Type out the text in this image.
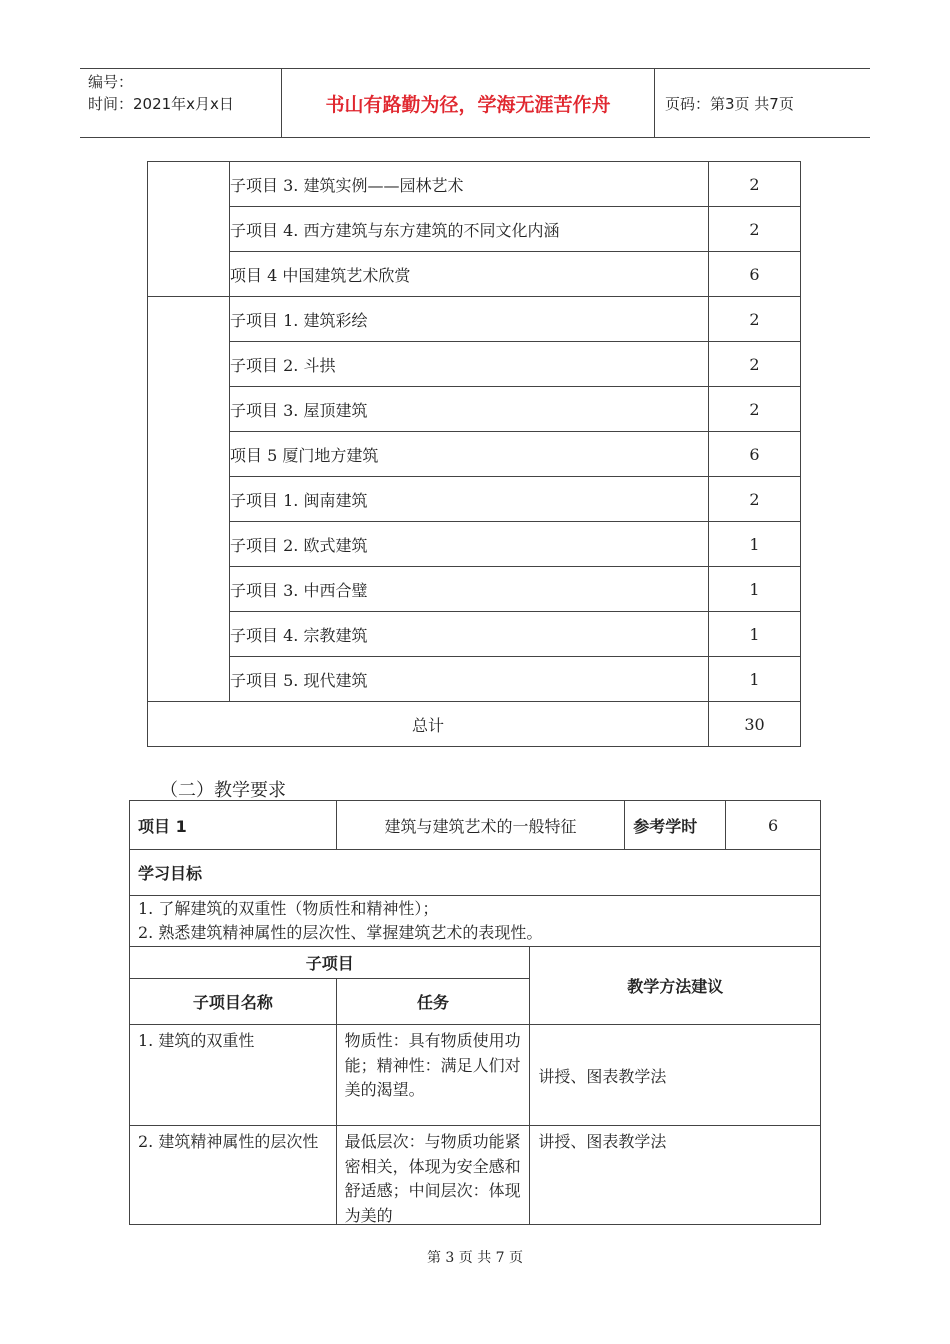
编号：
时间：2021年x月x日	书山有路勤为径，学海无涯苦作舟	页码：第3页 共7页
	子项目 3. 建筑实例——园林艺术	2
	子项目 4. 西方建筑与东方建筑的不同文化内涵	2
	项目 4 中国建筑艺术欣赏	6
	子项目 1. 建筑彩绘	2
	子项目 2. 斗拱	2
	子项目 3. 屋顶建筑	2
	项目 5 厦门地方建筑	6
	子项目 1. 闽南建筑	2
	子项目 2. 欧式建筑	1
	子项目 3. 中西合璧	1
	子项目 4. 宗教建筑	1
	子项目 5. 现代建筑	1
总计		30
（二）教学要求
项目 1	建筑与建筑艺术的一般特征		参考学时	6
学习目标				

1. 了解建筑的双重性（物质性和精神性）；
2. 熟悉建筑精神属性的层次性、掌握建筑艺术的表现性。				

子项目		教学方法建议		
子项目名称	任务			
1. 建筑的双重性	物质性：具有物质使用功能；精神性：满足人们对美的渴望。	讲授、图表教学法		
2. 建筑精神属性的层次性	最低层次：与物质功能紧密相关，体现为安全感和舒适感；中间层次：体现为美的	讲授、图表教学法		
第 3 页 共 7 页
